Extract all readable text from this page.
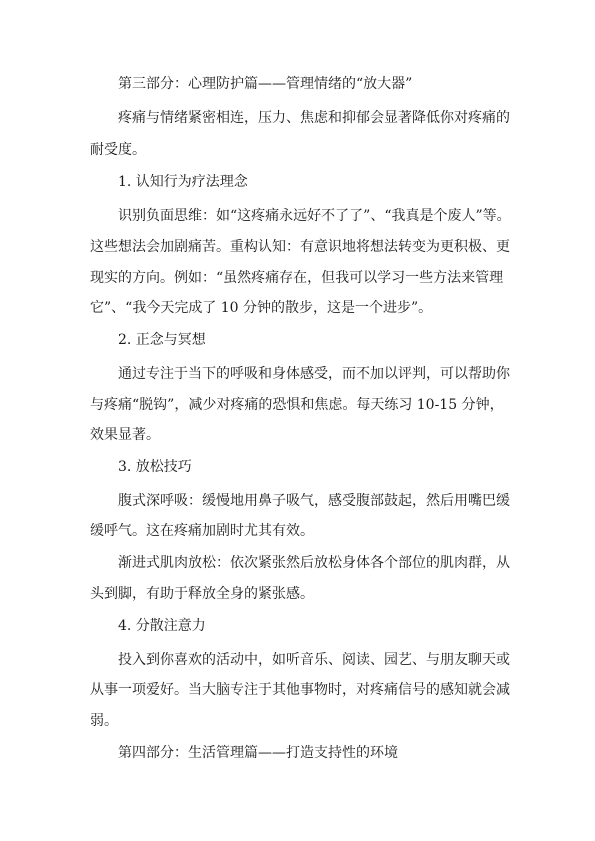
第三部分：心理防护篇——管理情绪的“放大器”

疼痛与情绪紧密相连，压力、焦虑和抑郁会显著降低你对疼痛的

耐受度。

1. 认知行为疗法理念

识别负面思维：如“这疼痛永远好不了了”、“我真是个废人”等。

这些想法会加剧痛苦。重构认知：有意识地将想法转变为更积极、更

现实的方向。例如：“虽然疼痛存在，但我可以学习一些方法来管理

它”、“我今天完成了 10 分钟的散步，这是一个进步”。

2. 正念与冥想

通过专注于当下的呼吸和身体感受，而不加以评判，可以帮助你

与疼痛“脱钩”，减少对疼痛的恐惧和焦虑。每天练习 10-15 分钟，

效果显著。

3. 放松技巧

腹式深呼吸：缓慢地用鼻子吸气，感受腹部鼓起，然后用嘴巴缓

缓呼气。这在疼痛加剧时尤其有效。

渐进式肌肉放松：依次紧张然后放松身体各个部位的肌肉群，从

头到脚，有助于释放全身的紧张感。

4. 分散注意力

投入到你喜欢的活动中，如听音乐、阅读、园艺、与朋友聊天或

从事一项爱好。当大脑专注于其他事物时，对疼痛信号的感知就会减

弱。

第四部分：生活管理篇——打造支持性的环境
